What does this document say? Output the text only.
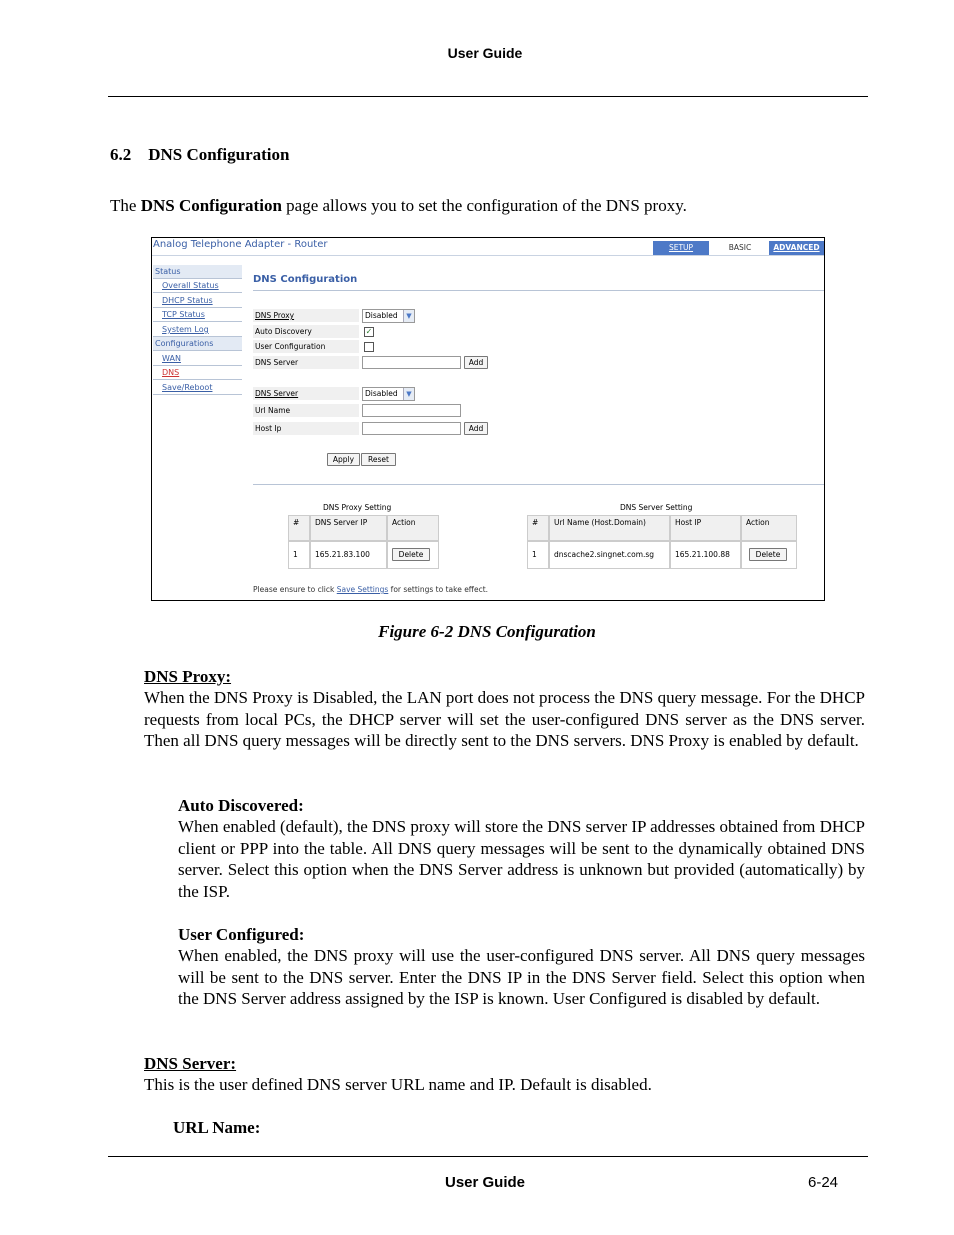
User Guide
6.2    DNS Configuration
The DNS Configuration page allows you to set the configuration of the DNS proxy.
Analog Telephone Adapter - Router	SETUP	BASIC	ADVANCED
Status
Overall Status
DHCP Status
TCP Status
System Log
Configurations
WAN
DNS
Save/Reboot
DNS Configuration
DNS Proxy	Disabled	▼
Auto Discovery	✓
User Configuration
DNS Server	Add
DNS Server	Disabled	▼
Url Name
Host Ip	Add
Apply	Reset
DNS Proxy Setting
#	DNS Server IP	Action
1	165.21.83.100	Delete
DNS Server Setting
#	Url Name (Host.Domain)	Host IP	Action
1	dnscache2.singnet.com.sg	165.21.100.88	Delete
Please ensure to click Save Settings for settings to take effect.
Figure 6-2 DNS Configuration
DNS Proxy:
When the DNS Proxy is Disabled, the LAN port does not process the DNS query message. For the DHCP requests from local PCs, the DHCP server will set the user-configured DNS server as the DNS server. Then all DNS query messages will be directly sent to the DNS servers. DNS Proxy is enabled by default.
Auto Discovered:
When enabled (default), the DNS proxy will store the DNS server IP addresses obtained from DHCP client or PPP into the table. All DNS query messages will be sent to the dynamically obtained DNS server. Select this option when the DNS Server address is unknown but provided (automatically) by the ISP.
User Configured:
When enabled, the DNS proxy will use the user-configured DNS server. All DNS query messages will be sent to the DNS server. Enter the DNS IP in the DNS Server field. Select this option when the DNS Server address assigned by the ISP is known. User Configured is disabled by default.
DNS Server:
This is the user defined DNS server URL name and IP. Default is disabled.
URL Name:
User Guide	6-24
